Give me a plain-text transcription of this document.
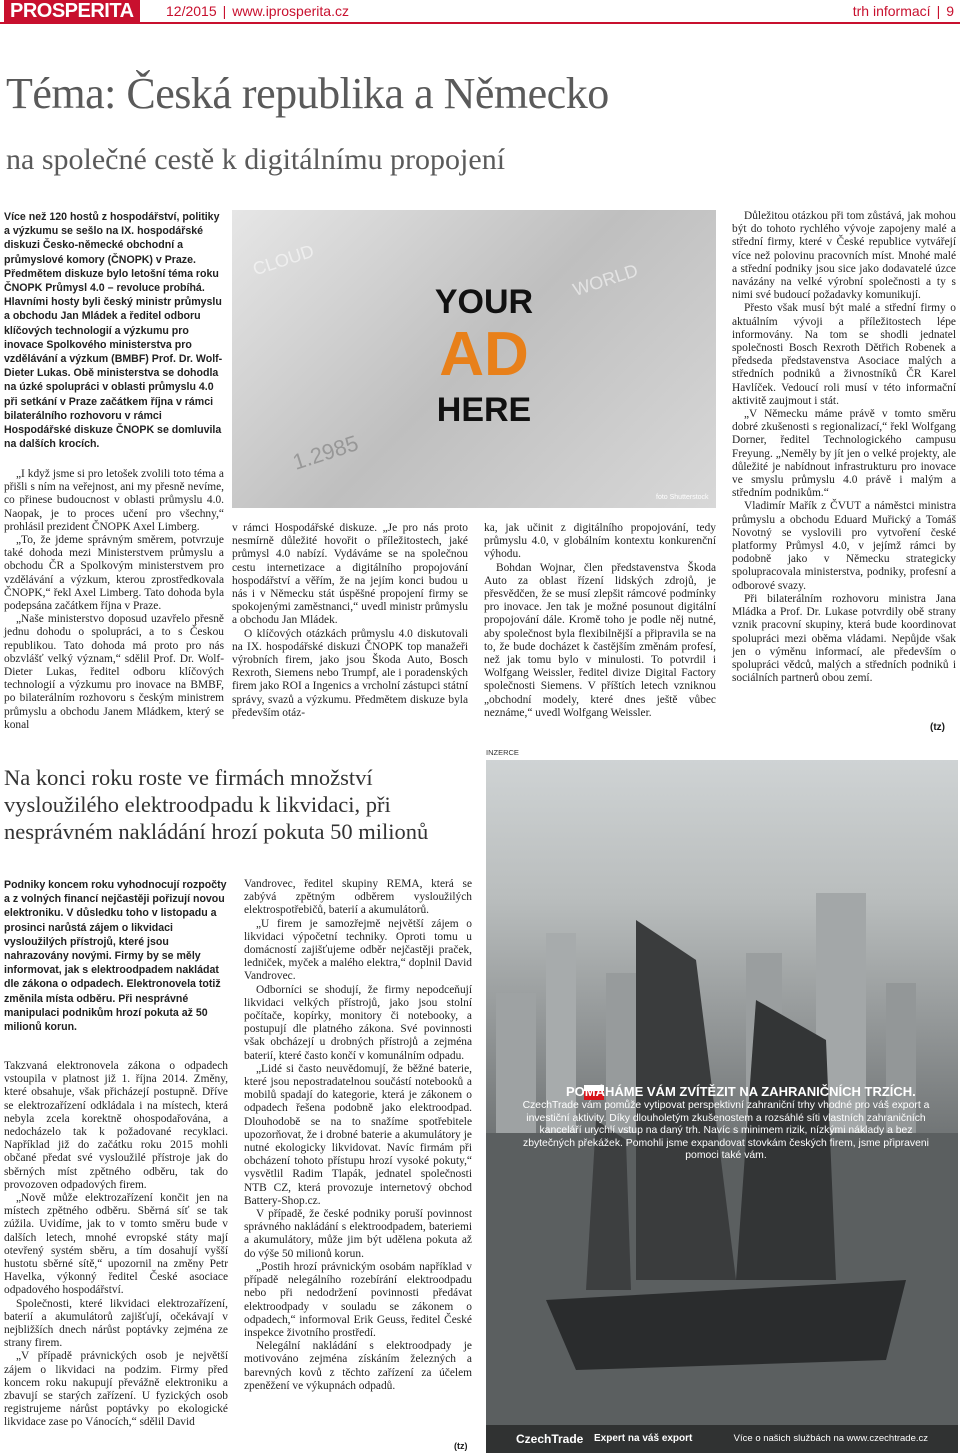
PROSPERITA	12/2015 | www.iprosperita.cz	trh informací | 9
Téma: Česká republika a Německo
na společné cestě k digitálnímu propojení
Více než 120 hostů z hospodářství, politiky a výzkumu se sešlo na IX. hospodářské diskuzi Česko-německé obchodní a průmyslové komory (ČNOPK) v Praze. Předmětem diskuze bylo letošní téma roku ČNOPK Průmysl 4.0 – revoluce probíhá. Hlavními hosty byli český ministr průmyslu a obchodu Jan Mládek a ředitel odboru klíčových technologií a výzkumu pro inovace Spolkového ministerstva pro vzdělávání a výzkum (BMBF) Prof. Dr. Wolf-Dieter Lukas. Obě ministerstva se dohodla na úzké spolupráci v oblasti průmyslu 4.0 při setkání v Praze začátkem října v rámci bilaterálního rozhovoru v rámci Hospodářské diskuze ČNOPK se domluvila na dalších krocích.

„I když jsme si pro letošek zvolili toto téma a přišli s ním na veřejnost, ani my přesně nevíme, co přinese budoucnost v oblasti průmyslu 4.0. Naopak, je to proces učení pro všechny,“ prohlásil prezident ČNOPK Axel Limberg.

„To, že jdeme správným směrem, potvrzuje také dohoda mezi Ministerstvem průmyslu a obchodu ČR a Spolkovým ministerstvem pro vzdělávání a výzkum, kterou zprostředkovala ČNOPK,“ řekl Axel Limberg. Tato dohoda byla podepsána začátkem října v Praze.

„Naše ministerstvo doposud uzavřelo přesně jednu dohodu o spolupráci, a to s Českou republikou. Tato dohoda má proto pro nás obzvlášť velký význam,“ sdělil Prof. Dr. Wolf-Dieter Lukas, ředitel odboru klíčových technologií a výzkumu pro inovace na BMBF, po bilaterálním rozhovoru s českým ministrem průmyslu a obchodu Janem Mládkem, který se konal

CLOUD
WORLD
1.2985
YOUR
AD
HERE
foto Shutterstock

v rámci Hospodářské diskuze. „Je pro nás proto nesmírně důležité hovořit o příležitostech, jaké průmysl 4.0 nabízí. Vydáváme se na společnou cestu internetizace a digitálního propojování hospodářství a věřím, že na jejím konci budou u nás i v Německu stát úspěšné propojení firmy se spokojenými zaměstnanci,“ uvedl ministr průmyslu a obchodu Jan Mládek.

O klíčových otázkách průmyslu 4.0 diskutovali na IX. hospodářské diskuzi ČNOPK top manažeři výrobních firem, jako jsou Škoda Auto, Bosch Rexroth, Siemens nebo Trumpf, ale i poradenských firem jako ROI a Ingenics a vrcholní zástupci státní správy, svazů a výzkumu. Předmětem diskuze byla především otáz-

ka, jak učinit z digitálního propojování, tedy průmyslu 4.0, v globálním kontextu konkurenční výhodu.

Bohdan Wojnar, člen představenstva Škoda Auto za oblast řízení lidských zdrojů, je přesvědčen, že se musí zlepšit rámcové podmínky pro inovace. Jen tak je možné posunout digitální propojování dále. Kromě toho je podle něj nutné, aby společnost byla flexibilnější a připravila se na to, že bude docházet k častějším změnám profesí, než jak tomu bylo v minulosti. To potvrdil i Wolfgang Weissler, ředitel divize Digital Factory společnosti Siemens. V příštích letech vzniknou „obchodní modely, které dnes ještě vůbec neznáme,“ uvedl Wolfgang Weissler.

Důležitou otázkou při tom zůstává, jak mohou být do tohoto rychlého vývoje zapojeny malé a střední firmy, které v České republice vytvářejí více než polovinu pracovních míst. Mnohé malé a střední podniky jsou sice jako dodavatelé úzce navázány na velké výrobní společnosti a ty s nimi své budoucí požadavky komunikují.

Přesto však musí být malé a střední firmy o aktuálním vývoji a příležitostech lépe informovány. Na tom se shodli jednatel společnosti Bosch Rexroth Dětřich Robenek a předseda představenstva Asociace malých a středních podniků a živnostníků ČR Karel Havlíček. Vedoucí roli musí v této informační aktivitě zaujmout i stát.

„V Německu máme právě v tomto směru dobré zkušenosti s regionalizací,“ řekl Wolfgang Dorner, ředitel Technologického campusu Freyung. „Neměly by jít jen o velké projekty, ale důležité je nabídnout infrastrukturu pro inovace ve smyslu průmyslu 4.0 právě i malým a středním podnikům.“

Vladimír Mařík z ČVUT a náměstci ministra průmyslu a obchodu Eduard Muřický a Tomáš Novotný se vyslovili pro vytvoření české platformy Průmysl 4.0, v jejímž rámci by podobně jako v Německu strategicky spolupracovala ministerstva, podniky, profesní a odborové svazy.

Při bilaterálním rozhovoru ministra Jana Mládka a Prof. Dr. Lukase potvrdily obě strany vznik pracovní skupiny, která bude koordinovat spolupráci mezi oběma vládami. Nepůjde však jen o výměnu informací, ale především o spolupráci vědců, malých a středních podniků i sociálních partnerů obou zemí.

(tz)
Na konci roku roste ve firmách množství vysloužilého elektroodpadu k likvidaci, při nesprávném nakládání hrozí pokuta 50 milionů
Podniky koncem roku vyhodnocují rozpočty a z volných financí nejčastěji pořizují novou elektroniku. V důsledku toho v listopadu a prosinci narůstá zájem o likvidaci vysloužilých přístrojů, které jsou nahrazovány novými. Firmy by se měly informovat, jak s elektroodpadem nakládat dle zákona o odpadech. Elektronovela totiž změnila místa odběru. Při nesprávné manipulaci podnikům hrozí pokuta až 50 milionů korun.

Takzvaná elektronovela zákona o odpadech vstoupila v platnost již 1. října 2014. Změny, které obsahuje, však přicházejí postupně. Dříve se elektrozařízení odkládala i na místech, která nebyla zcela korektně ohospodařována, a nedocházelo tak k požadované recyklaci. Například již do začátku roku 2015 mohli občané předat své vysloužilé přístroje jak do sběrných míst zpětného odběru, tak do provozoven odpadových firem.

„Nově může elektrozařízení končit jen na místech zpětného odběru. Sběrná síť se tak zúžila. Uvidíme, jak to v tomto směru bude v dalších letech, mnohé evropské státy mají otevřený systém sběru, a tím dosahují vyšší hustotu sběrné sítě,“ upozornil na změny Petr Havelka, výkonný ředitel České asociace odpadového hospodářství.

Společnosti, které likvidaci elektrozařízení, baterií a akumulátorů zajišťují, očekávají v nejbližších dnech nárůst poptávky zejména ze strany firem.

„V případě právnických osob je největší zájem o likvidaci na podzim. Firmy před koncem roku nakupují převážně elektroniku a zbavují se starých zařízení. U fyzických osob registrujeme nárůst poptávky po ekologické likvidace zase po Vánocích,“ sdělil David

Vandrovec, ředitel skupiny REMA, která se zabývá zpětným odběrem vysloužilých elektrospotřebičů, baterií a akumulátorů.

„U firem je samozřejmě největší zájem o likvidaci výpočetní techniky. Oproti tomu u domácností zajišťujeme odběr nejčastěji praček, ledniček, myček a malého elektra,“ doplnil David Vandrovec.

Odborníci se shodují, že firmy nepodceňují likvidaci velkých přístrojů, jako jsou stolní počítače, kopírky, monitory či notebooky, a postupují dle platného zákona. Své povinnosti však obcházejí u drobných přístrojů a zejména baterií, které často končí v komunálním odpadu.

„Lidé si často neuvědomují, že běžné baterie, které jsou nepostradatelnou součástí notebooků a mobilů spadají do kategorie, která je zákonem o odpadech řešena podobně jako elektroodpad. Dlouhodobě se na to snažíme spotřebitele upozorňovat, že i drobné baterie a akumulátory je nutné ekologicky likvidovat. Navíc firmám při obcházení tohoto přístupu hrozí vysoké pokuty,“ vysvětlil Radim Tlapák, jednatel společnosti NTB CZ, která provozuje internetový obchod Battery-Shop.cz.

V případě, že české podniky poruší povinnost správného nakládání s elektroodpadem, bateriemi a akumulátory, může jim být udělena pokuta až do výše 50 milionů korun.

„Postih hrozí právnickým osobám například v případě nelegálního rozebírání elektroodpadu nebo při nedodržení povinnosti předávat elektroodpady v souladu se zákonem o odpadech,“ informoval Erik Geuss, ředitel České inspekce životního prostředí.

Nelegální nakládání s elektroodpady je motivováno zejména získáním železných a barevných kovů z těchto zařízení za účelem zpeněžení ve výkupnách odpadů.

(tz)
INZERCE
POMÁHÁME VÁM ZVÍTĚZIT NA ZAHRANIČNÍCH TRZÍCH.
CzechTrade vám pomůže vytipovat perspektivní zahraniční trhy vhodné pro váš export a investiční aktivity. Díky dlouholetým zkušenostem a rozsáhlé síti vlastních zahraničních kanceláří urychlí vstup na daný trh. Navíc s minimem rizik, nízkými náklady a bez zbytečných překážek. Pomohli jsme expandovat stovkám českých firem, jsme připraveni pomoci také vám.
CzechTrade Expert na váš export	Více o našich službách na www.czechtrade.cz
